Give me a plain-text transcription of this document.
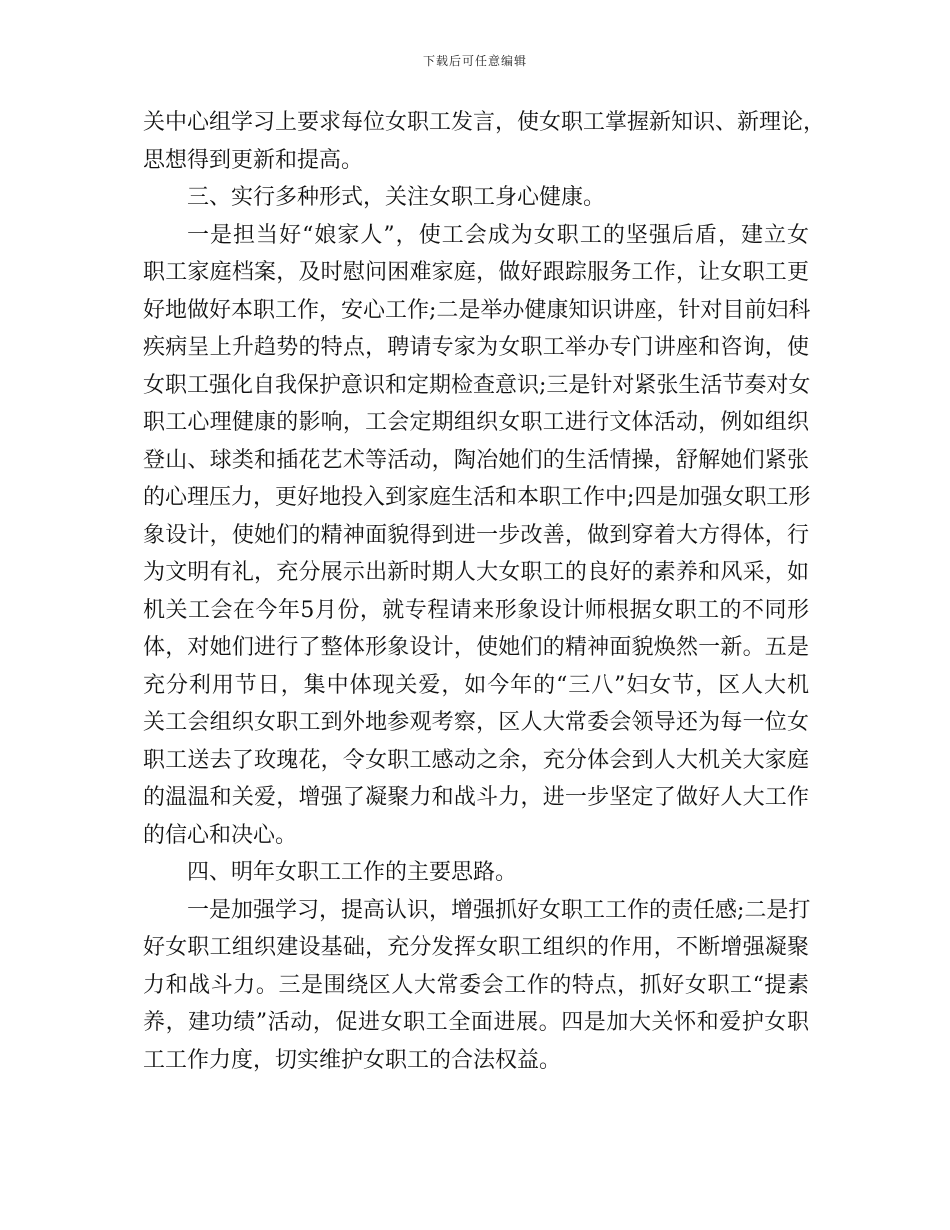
下载后可任意编辑
关中心组学习上要求每位女职工发言，使女职工掌握新知识、新理论，
思想得到更新和提高。
三、实行多种形式，关注女职工身心健康。
一是担当好“娘家人”，使工会成为女职工的坚强后盾，建立女
职工家庭档案，及时慰问困难家庭，做好跟踪服务工作，让女职工更
好地做好本职工作，安心工作;二是举办健康知识讲座，针对目前妇科
疾病呈上升趋势的特点，聘请专家为女职工举办专门讲座和咨询，使
女职工强化自我保护意识和定期检查意识;三是针对紧张生活节奏对女
职工心理健康的影响，工会定期组织女职工进行文体活动，例如组织
登山、球类和插花艺术等活动，陶冶她们的生活情操，舒解她们紧张
的心理压力，更好地投入到家庭生活和本职工作中;四是加强女职工形
象设计，使她们的精神面貌得到进一步改善，做到穿着大方得体，行
为文明有礼，充分展示出新时期人大女职工的良好的素养和风采，如
机关工会在今年5月份，就专程请来形象设计师根据女职工的不同形
体，对她们进行了整体形象设计，使她们的精神面貌焕然一新。五是
充分利用节日，集中体现关爱，如今年的“三八”妇女节，区人大机
关工会组织女职工到外地参观考察，区人大常委会领导还为每一位女
职工送去了玫瑰花，令女职工感动之余，充分体会到人大机关大家庭
的温温和关爱，增强了凝聚力和战斗力，进一步坚定了做好人大工作
的信心和决心。
四、明年女职工工作的主要思路。
一是加强学习，提高认识，增强抓好女职工工作的责任感;二是打
好女职工组织建设基础，充分发挥女职工组织的作用，不断增强凝聚
力和战斗力。三是围绕区人大常委会工作的特点，抓好女职工“提素
养，建功绩”活动，促进女职工全面进展。四是加大关怀和爱护女职
工工作力度，切实维护女职工的合法权益。
